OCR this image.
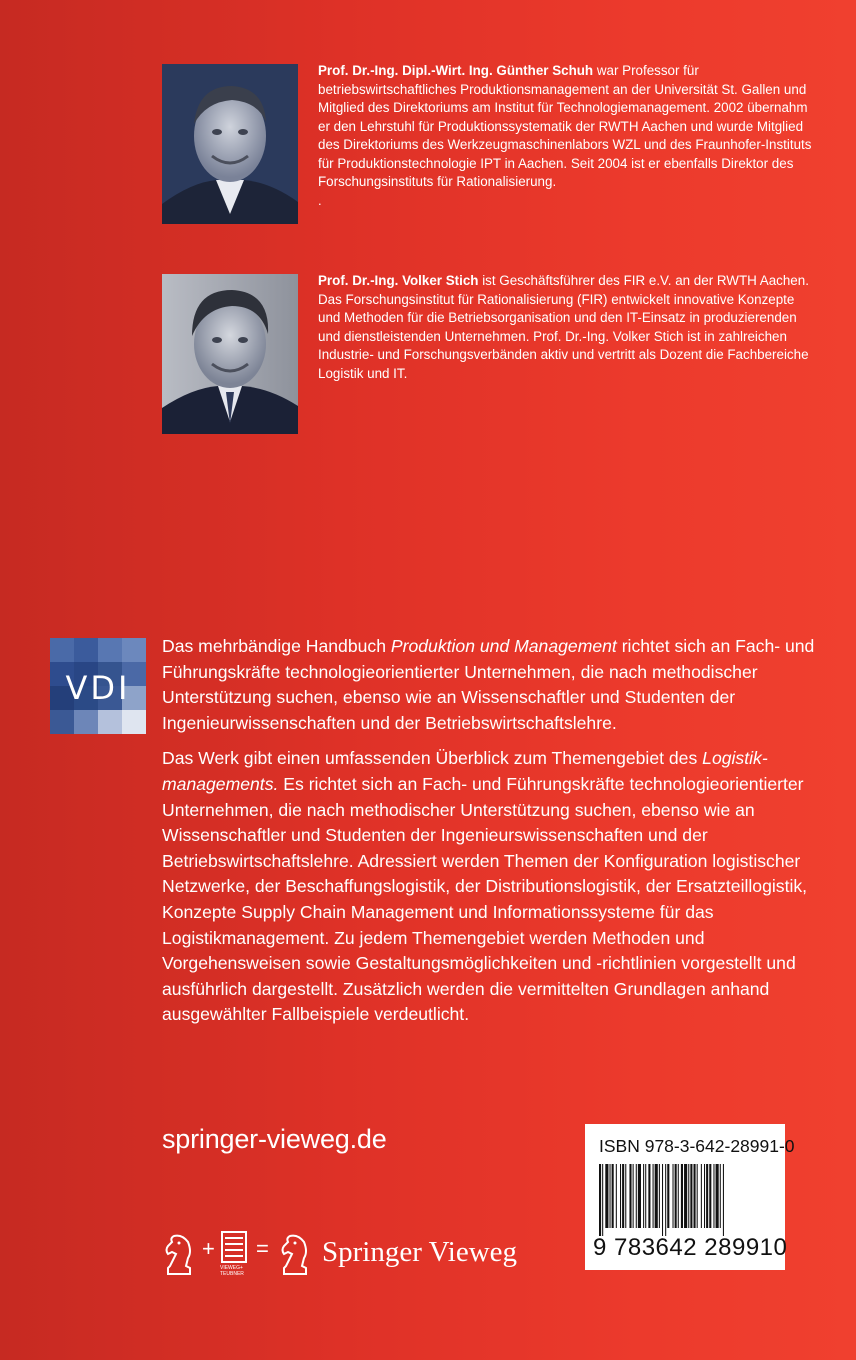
Prof. Dr.-Ing. Dipl.-Wirt. Ing. Günther Schuh war Professor für betriebswirtschaftliches Produktionsmanagement an der Universität St. Gallen und Mitglied des Direktoriums am Institut für Technologiemanagement. 2002 übernahm er den Lehrstuhl für Produktionssystematik der RWTH Aachen und wurde Mitglied des Direktoriums des Werkzeugmaschinenlabors WZL und des Fraunhofer-Instituts für Produktionstechnologie IPT in Aachen. Seit 2004 ist er ebenfalls Direktor des Forschungsinstituts für Rationalisierung.
.
Prof. Dr.-Ing. Volker Stich ist Geschäftsführer des FIR e.V. an der RWTH Aachen. Das Forschungsinstitut für Rationalisierung (FIR) entwickelt innovative Konzepte und Methoden für die Betriebsorganisation und den IT-Einsatz in produzierenden und dienstleistenden Unternehmen. Prof. Dr.-Ing. Volker Stich ist in zahlreichen Industrie- und Forschungsverbänden aktiv und vertritt als Dozent die Fachbereiche Logistik und IT.
VDI

Das mehrbändige Handbuch Produktion und Management richtet sich an Fach- und Führungskräfte technologieorientierter Unternehmen, die nach methodischer Unterstützung suchen, ebenso wie an Wissenschaftler und Studenten der Ingenieurwissenschaften und der Betriebswirtschaftslehre.

Das Werk gibt einen umfassenden Überblick zum Themengebiet des Logistikmanagements. Es richtet sich an Fach- und Führungskräfte technologieorientierter Unternehmen, die nach methodischer Unterstützung suchen, ebenso wie an Wissenschaftler und Studenten der Ingenieurswissenschaften und der Betriebswirtschaftslehre. Adressiert werden Themen der Konfiguration logistischer Netzwerke, der Beschaffungslogistik, der Distributionslogistik, der Ersatzteillogistik, Konzepte Supply Chain Management und Informationssysteme für das Logistikmanagement. Zu jedem Themengebiet werden Methoden und Vorgehensweisen sowie Gestaltungsmöglichkeiten und -richtlinien vorgestellt und ausführlich dargestellt. Zusätzlich werden die vermittelten Grundlagen anhand ausgewählter Fallbeispiele verdeutlicht.

springer-vieweg.de
+
VIEWEG+
TEUBNER
= Springer Vieweg
ISBN 978-3-642-28991-0
9 783642 289910
